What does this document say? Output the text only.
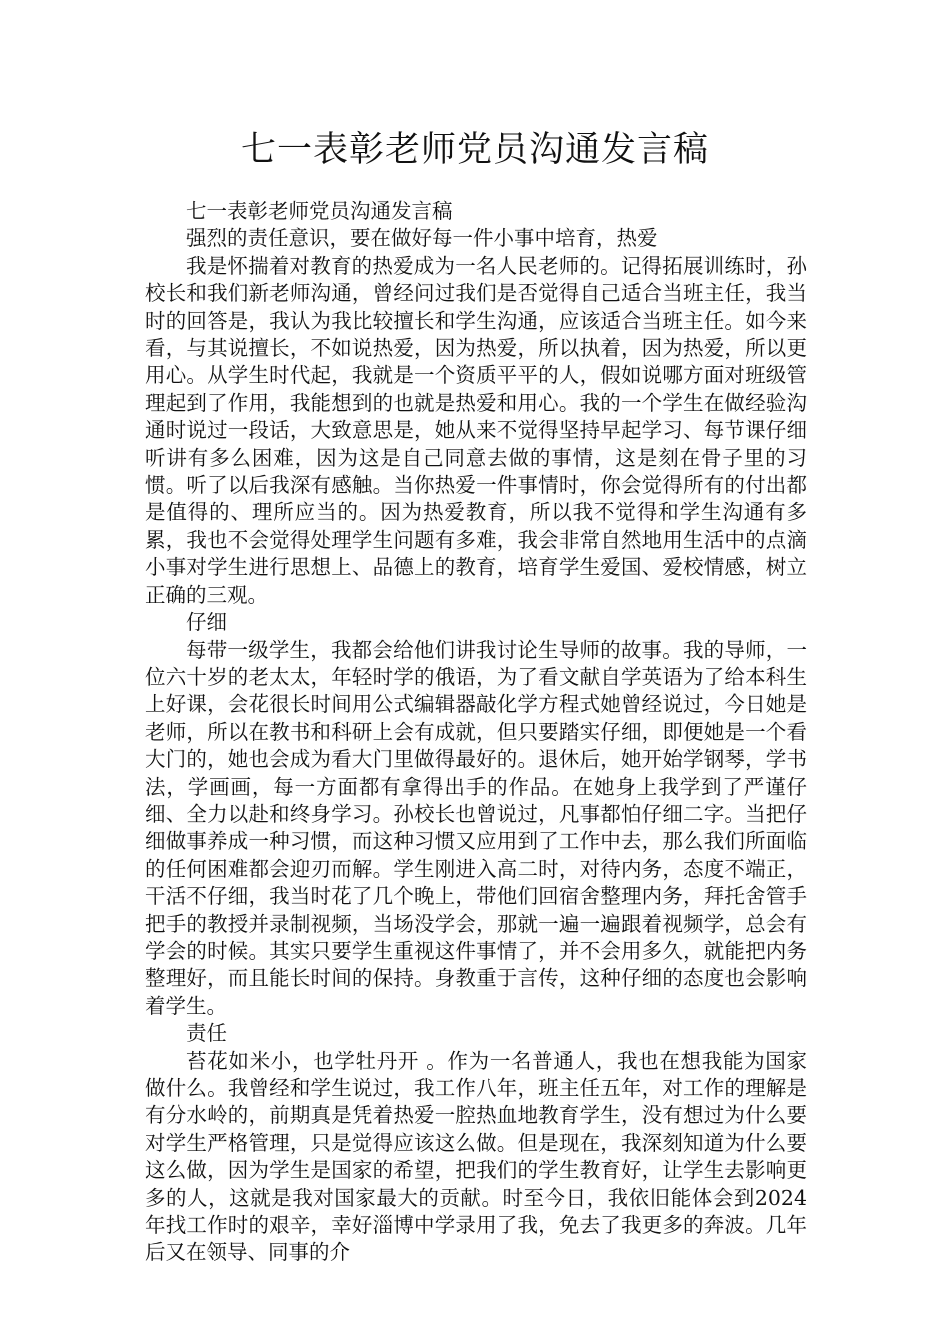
七一表彰老师党员沟通发言稿

七一表彰老师党员沟通发言稿

强烈的责任意识，要在做好每一件小事中培育，热爱

我是怀揣着对教育的热爱成为一名人民老师的。记得拓展训练时，孙校长和我们新老师沟通，曾经问过我们是否觉得自己适合当班主任，我当时的回答是，我认为我比较擅长和学生沟通，应该适合当班主任。如今来看，与其说擅长，不如说热爱，因为热爱，所以执着，因为热爱，所以更用心。从学生时代起，我就是一个资质平平的人，假如说哪方面对班级管理起到了作用，我能想到的也就是热爱和用心。我的一个学生在做经验沟通时说过一段话，大致意思是，她从来不觉得坚持早起学习、每节课仔细听讲有多么困难，因为这是自己同意去做的事情，这是刻在骨子里的习惯。听了以后我深有感触。当你热爱一件事情时，你会觉得所有的付出都是值得的、理所应当的。因为热爱教育，所以我不觉得和学生沟通有多累，我也不会觉得处理学生问题有多难，我会非常自然地用生活中的点滴小事对学生进行思想上、品德上的教育，培育学生爱国、爱校情感，树立正确的三观。

仔细

每带一级学生，我都会给他们讲我讨论生导师的故事。我的导师，一位六十岁的老太太，年轻时学的俄语，为了看文献自学英语为了给本科生上好课，会花很长时间用公式编辑器敲化学方程式她曾经说过，今日她是老师，所以在教书和科研上会有成就，但只要踏实仔细，即便她是一个看大门的，她也会成为看大门里做得最好的。退休后，她开始学钢琴，学书法，学画画，每一方面都有拿得出手的作品。在她身上我学到了严谨仔细、全力以赴和终身学习。孙校长也曾说过，凡事都怕仔细二字。当把仔细做事养成一种习惯，而这种习惯又应用到了工作中去，那么我们所面临的任何困难都会迎刃而解。学生刚进入高二时，对待内务，态度不端正，干活不仔细，我当时花了几个晚上，带他们回宿舍整理内务，拜托舍管手把手的教授并录制视频，当场没学会，那就一遍一遍跟着视频学，总会有学会的时候。其实只要学生重视这件事情了，并不会用多久，就能把内务整理好，而且能长时间的保持。身教重于言传，这种仔细的态度也会影响着学生。

责任

苔花如米小，也学牡丹开 。作为一名普通人，我也在想我能为国家做什么。我曾经和学生说过，我工作八年，班主任五年，对工作的理解是有分水岭的，前期真是凭着热爱一腔热血地教育学生，没有想过为什么要对学生严格管理，只是觉得应该这么做。但是现在，我深刻知道为什么要这么做，因为学生是国家的希望，把我们的学生教育好，让学生去影响更多的人，这就是我对国家最大的贡献。时至今日，我依旧能体会到2024年找工作时的艰辛，幸好淄博中学录用了我，免去了我更多的奔波。几年后又在领导、同事的介
